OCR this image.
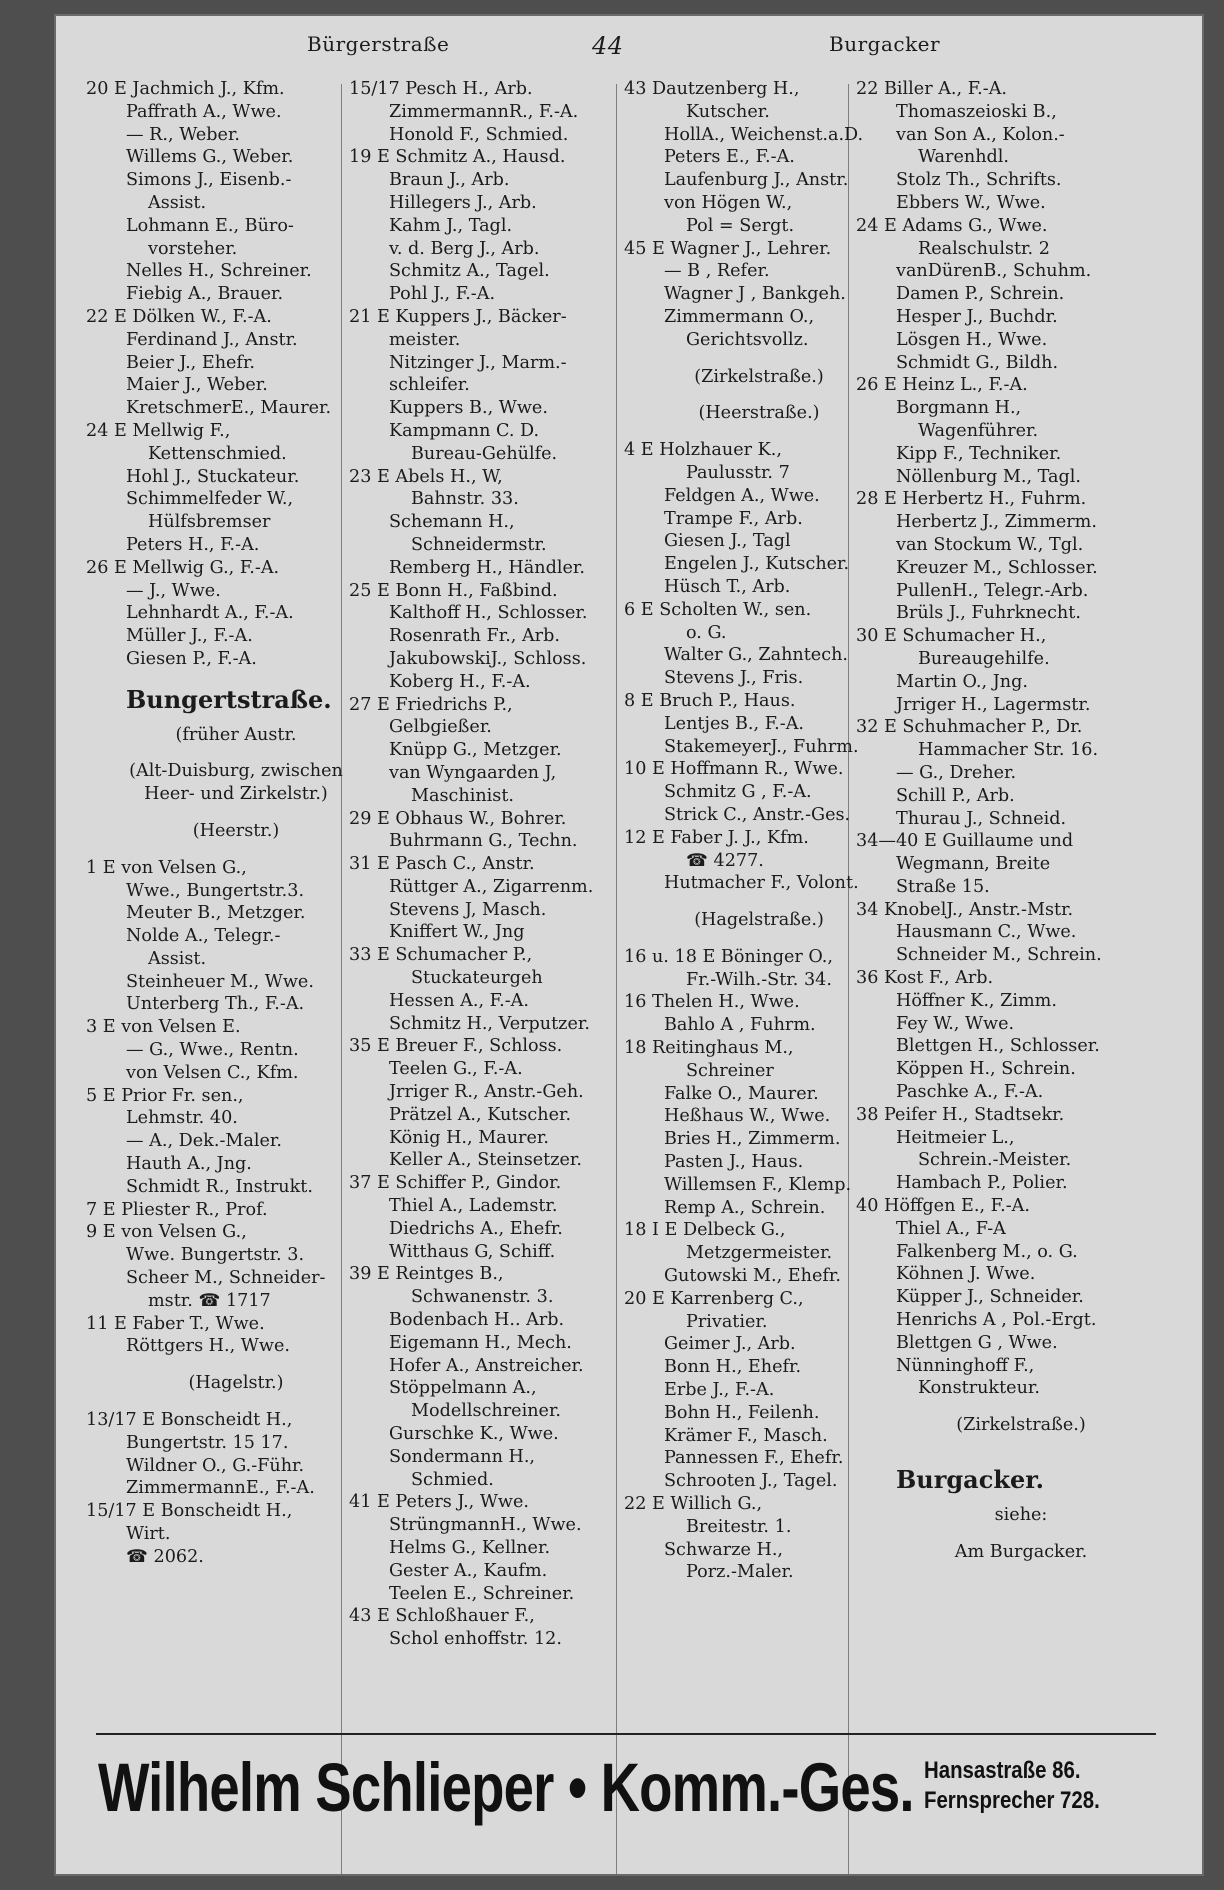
Bürgerstraße	44	Burgacker
20 E Jachmich J., Kfm.
Paffrath A., Wwe.
— R., Weber.
Willems G., Weber.
Simons J., Eisenb.-
Assist.
Lohmann E., Büro-
vorsteher.
Nelles H., Schreiner.
Fiebig A., Brauer.
22 E Dölken W., F.-A.
Ferdinand J., Anstr.
Beier J., Ehefr.
Maier J., Weber.
KretschmerE., Maurer.
24 E Mellwig F.,
Kettenschmied.
Hohl J., Stuckateur.
Schimmelfeder W.,
Hülfsbremser
Peters H., F.-A.
26 E Mellwig G., F.-A.
— J., Wwe.
Lehnhardt A., F.-A.
Müller J., F.-A.
Giesen P., F.-A.
Bungertstraße.
(früher Austr.
(Alt-Duisburg, zwischen
Heer- und Zirkelstr.)
(Heerstr.)
1 E von Velsen G.,
Wwe., Bungertstr.3.
Meuter B., Metzger.
Nolde A., Telegr.-
Assist.
Steinheuer M., Wwe.
Unterberg Th., F.-A.
3 E von Velsen E.
— G., Wwe., Rentn.
von Velsen C., Kfm.
5 E Prior Fr. sen.,
Lehmstr. 40.
— A., Dek.-Maler.
Hauth A., Jng.
Schmidt R., Instrukt.
7 E Pliester R., Prof.
9 E von Velsen G.,
Wwe. Bungertstr. 3.
Scheer M., Schneider-
mstr. ☎ 1717
11 E Faber T., Wwe.
Röttgers H., Wwe.
(Hagelstr.)
13/17 E Bonscheidt H.,
Bungertstr. 15 17.
Wildner O., G.-Führ.
ZimmermannE., F.-A.
15/17 E Bonscheidt H.,
Wirt.
☎ 2062.
15/17 Pesch H., Arb.
ZimmermannR., F.-A.
Honold F., Schmied.
19 E Schmitz A., Hausd.
Braun J., Arb.
Hillegers J., Arb.
Kahm J., Tagl.
v. d. Berg J., Arb.
Schmitz A., Tagel.
Pohl J., F.-A.
21 E Kuppers J., Bäcker-
meister.
Nitzinger J., Marm.-
schleifer.
Kuppers B., Wwe.
Kampmann C. D.
Bureau-Gehülfe.
23 E Abels H., W,
Bahnstr. 33.
Schemann H.,
Schneidermstr.
Remberg H., Händler.
25 E Bonn H., Faßbind.
Kalthoff H., Schlosser.
Rosenrath Fr., Arb.
JakubowskiJ., Schloss.
Koberg H., F.-A.
27 E Friedrichs P.,
Gelbgießer.
Knüpp G., Metzger.
van Wyngaarden J,
Maschinist.
29 E Obhaus W., Bohrer.
Buhrmann G., Techn.
31 E Pasch C., Anstr.
Rüttger A., Zigarrenm.
Stevens J, Masch.
Kniffert W., Jng
33 E Schumacher P.,
Stuckateurgeh
Hessen A., F.-A.
Schmitz H., Verputzer.
35 E Breuer F., Schloss.
Teelen G., F.-A.
Jrriger R., Anstr.-Geh.
Prätzel A., Kutscher.
König H., Maurer.
Keller A., Steinsetzer.
37 E Schiffer P., Gindor.
Thiel A., Lademstr.
Diedrichs A., Ehefr.
Witthaus G, Schiff.
39 E Reintges B.,
Schwanenstr. 3.
Bodenbach H.. Arb.
Eigemann H., Mech.
Hofer A., Anstreicher.
Stöppelmann A.,
Modellschreiner.
Gurschke K., Wwe.
Sondermann H.,
Schmied.
41 E Peters J., Wwe.
StrüngmannH., Wwe.
Helms G., Kellner.
Gester A., Kaufm.
Teelen E., Schreiner.
43 E Schloßhauer F.,
Schol enhoffstr. 12.
43 Dautzenberg H.,
Kutscher.
HollA., Weichenst.a.D.
Peters E., F.-A.
Laufenburg J., Anstr.
von Högen W.,
Pol = Sergt.
45 E Wagner J., Lehrer.
— B , Refer.
Wagner J , Bankgeh.
Zimmermann O.,
Gerichtsvollz.
(Zirkelstraße.)
(Heerstraße.)
4 E Holzhauer K.,
Paulusstr. 7
Feldgen A., Wwe.
Trampe F., Arb.
Giesen J., Tagl
Engelen J., Kutscher.
Hüsch T., Arb.
6 E Scholten W., sen.
o. G.
Walter G., Zahntech.
Stevens J., Fris.
8 E Bruch P., Haus.
Lentjes B., F.-A.
StakemeyerJ., Fuhrm.
10 E Hoffmann R., Wwe.
Schmitz G , F.-A.
Strick C., Anstr.-Ges.
12 E Faber J. J., Kfm.
☎ 4277.
Hutmacher F., Volont.
(Hagelstraße.)
16 u. 18 E Böninger O.,
Fr.-Wilh.-Str. 34.
16 Thelen H., Wwe.
Bahlo A , Fuhrm.
18 Reitinghaus M.,
Schreiner
Falke O., Maurer.
Heßhaus W., Wwe.
Bries H., Zimmerm.
Pasten J., Haus.
Willemsen F., Klemp.
Remp A., Schrein.
18 I E Delbeck G.,
Metzgermeister.
Gutowski M., Ehefr.
20 E Karrenberg C.,
Privatier.
Geimer J., Arb.
Bonn H., Ehefr.
Erbe J., F.-A.
Bohn H., Feilenh.
Krämer F., Masch.
Pannessen F., Ehefr.
Schrooten J., Tagel.
22 E Willich G.,
Breitestr. 1.
Schwarze H.,
Porz.-Maler.
22 Biller A., F.-A.
Thomaszeioski B.,
van Son A., Kolon.-
Warenhdl.
Stolz Th., Schrifts.
Ebbers W., Wwe.
24 E Adams G., Wwe.
Realschulstr. 2
vanDürenB., Schuhm.
Damen P., Schrein.
Hesper J., Buchdr.
Lösgen H., Wwe.
Schmidt G., Bildh.
26 E Heinz L., F.-A.
Borgmann H.,
Wagenführer.
Kipp F., Techniker.
Nöllenburg M., Tagl.
28 E Herbertz H., Fuhrm.
Herbertz J., Zimmerm.
van Stockum W., Tgl.
Kreuzer M., Schlosser.
PullenH., Telegr.-Arb.
Brüls J., Fuhrknecht.
30 E Schumacher H.,
Bureaugehilfe.
Martin O., Jng.
Jrriger H., Lagermstr.
32 E Schuhmacher P., Dr.
Hammacher Str. 16.
— G., Dreher.
Schill P., Arb.
Thurau J., Schneid.
34—40 E Guillaume und
Wegmann, Breite
Straße 15.
34 KnobelJ., Anstr.-Mstr.
Hausmann C., Wwe.
Schneider M., Schrein.
36 Kost F., Arb.
Höffner K., Zimm.
Fey W., Wwe.
Blettgen H., Schlosser.
Köppen H., Schrein.
Paschke A., F.-A.
38 Peifer H., Stadtsekr.
Heitmeier L.,
Schrein.-Meister.
Hambach P., Polier.
40 Höffgen E., F.-A.
Thiel A., F-A
Falkenberg M., o. G.
Köhnen J. Wwe.
Küpper J., Schneider.
Henrichs A , Pol.-Ergt.
Blettgen G , Wwe.
Nünninghoff F.,
Konstrukteur.
(Zirkelstraße.)
Burgacker.
siehe:
Am Burgacker.
Wilhelm Schlieper • Komm.-Ges. Hansastraße 86.
Fernsprecher 728.
